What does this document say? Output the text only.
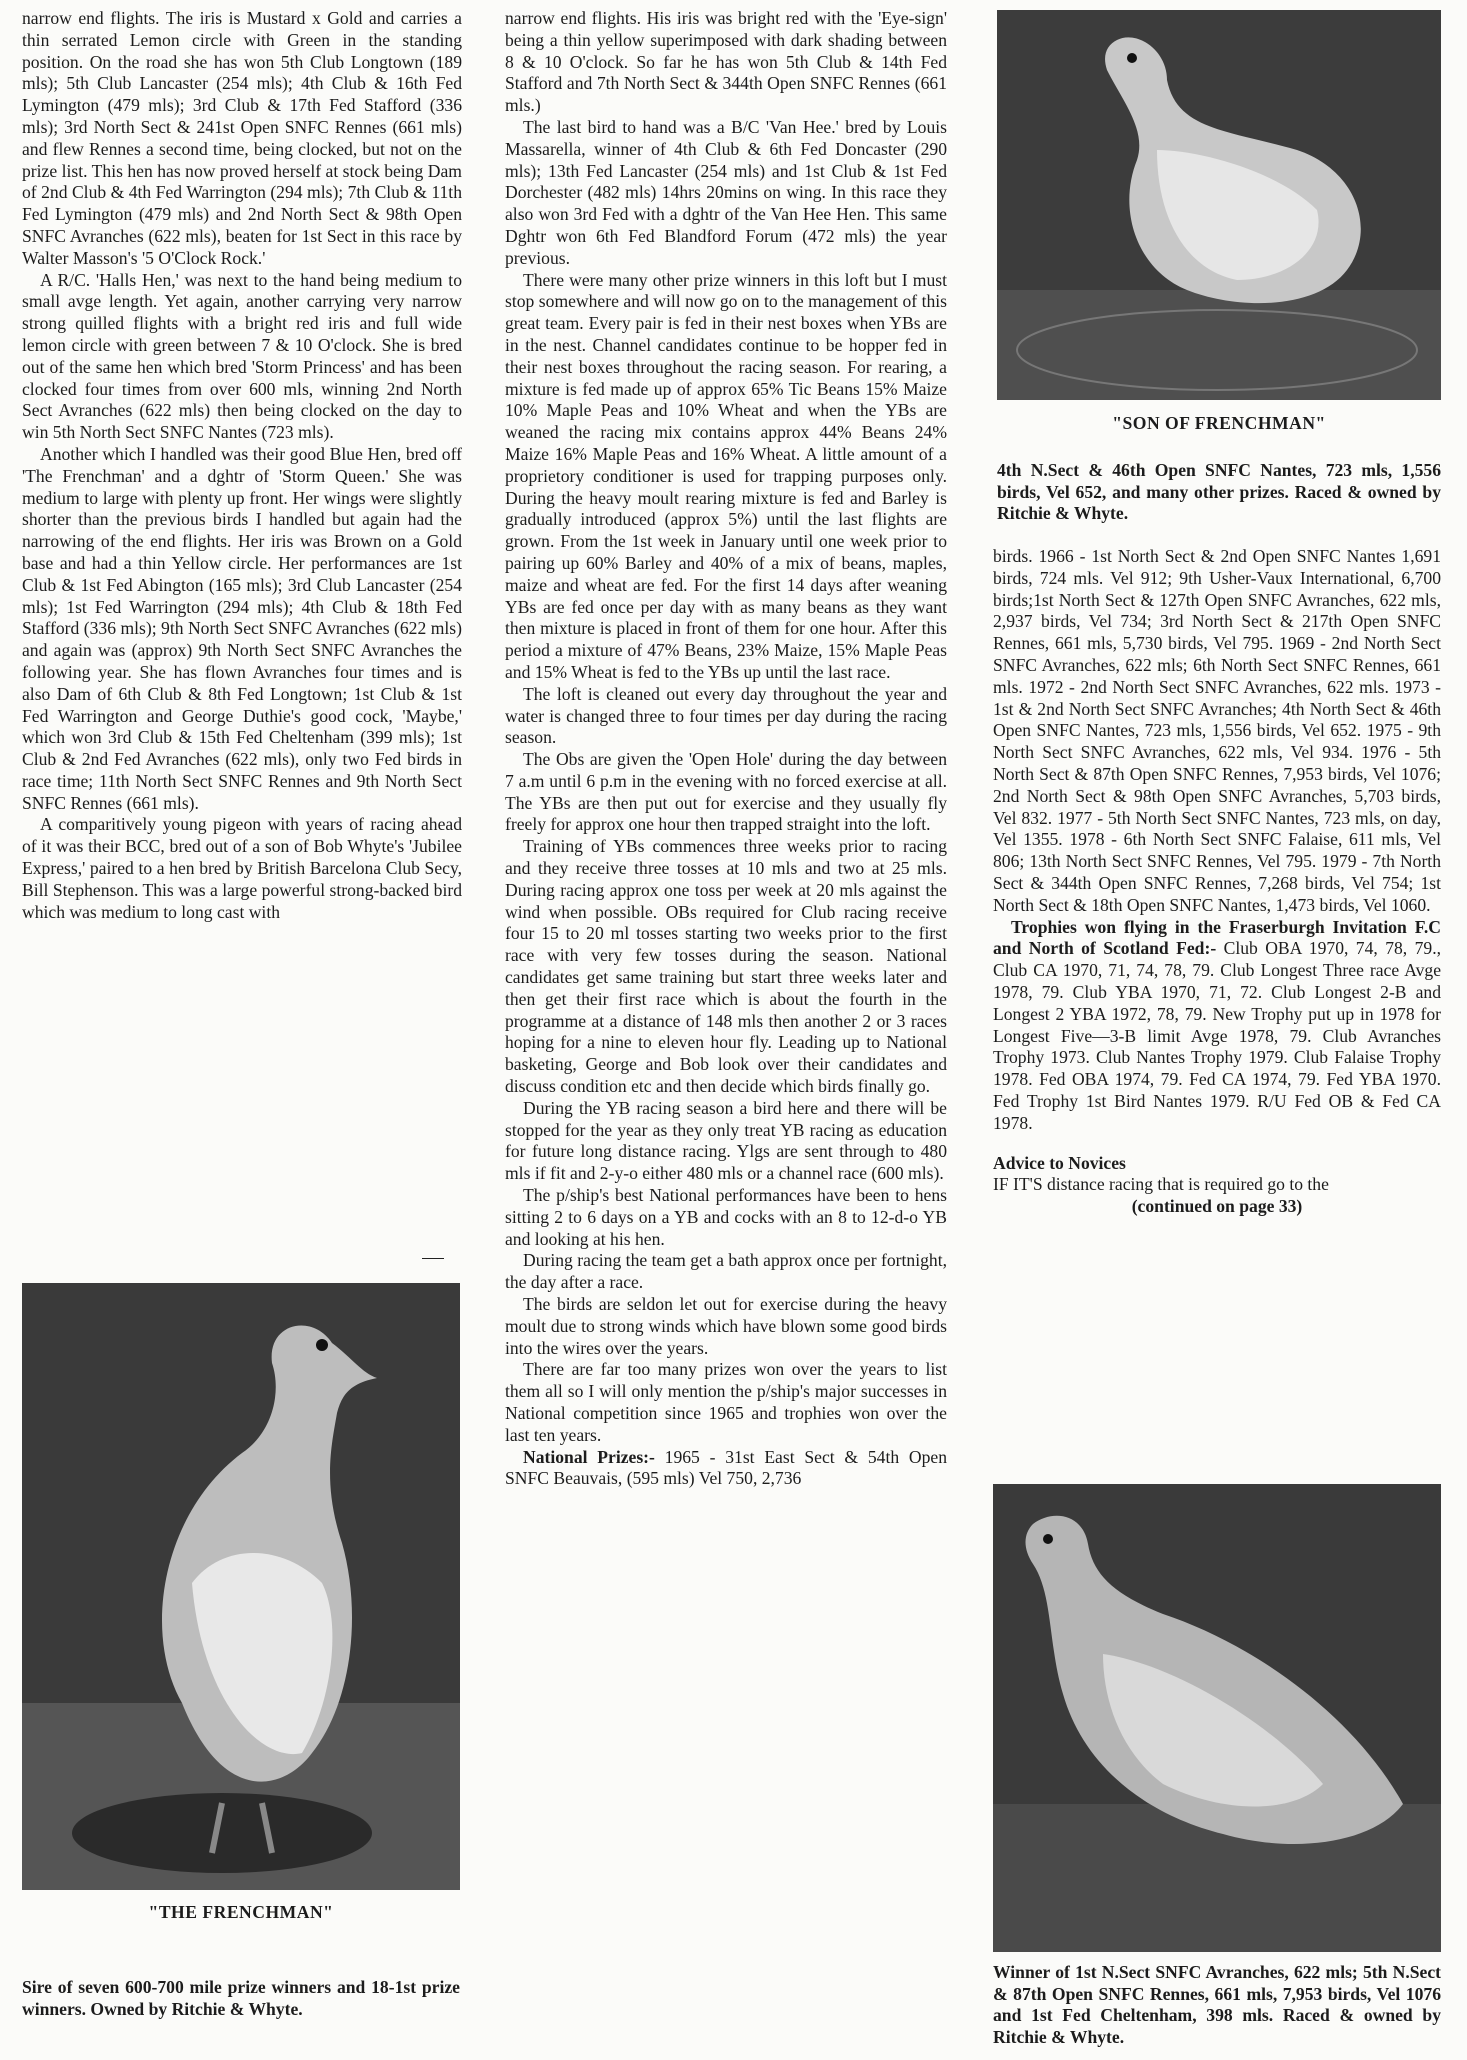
narrow end flights. The iris is Mustard x Gold and carries a thin serrated Lemon circle with Green in the standing position. On the road she has won 5th Club Longtown (189 mls); 5th Club Lancaster (254 mls); 4th Club & 16th Fed Lymington (479 mls); 3rd Club & 17th Fed Stafford (336 mls); 3rd North Sect & 241st Open SNFC Rennes (661 mls) and flew Rennes a second time, being clocked, but not on the prize list. This hen has now proved herself at stock being Dam of 2nd Club & 4th Fed Warrington (294 mls); 7th Club & 11th Fed Lymington (479 mls) and 2nd North Sect & 98th Open SNFC Avranches (622 mls), beaten for 1st Sect in this race by Walter Masson's '5 O'Clock Rock.'

A R/C. 'Halls Hen,' was next to the hand being medium to small avge length. Yet again, another carrying very narrow strong quilled flights with a bright red iris and full wide lemon circle with green between 7 & 10 O'clock. She is bred out of the same hen which bred 'Storm Princess' and has been clocked four times from over 600 mls, winning 2nd North Sect Avranches (622 mls) then being clocked on the day to win 5th North Sect SNFC Nantes (723 mls).

Another which I handled was their good Blue Hen, bred off 'The Frenchman' and a dghtr of 'Storm Queen.' She was medium to large with plenty up front. Her wings were slightly shorter than the previous birds I handled but again had the narrowing of the end flights. Her iris was Brown on a Gold base and had a thin Yellow circle. Her performances are 1st Club & 1st Fed Abington (165 mls); 3rd Club Lancaster (254 mls); 1st Fed Warrington (294 mls); 4th Club & 18th Fed Stafford (336 mls); 9th North Sect SNFC Avranches (622 mls) and again was (approx) 9th North Sect SNFC Avranches the following year. She has flown Avranches four times and is also Dam of 6th Club & 8th Fed Longtown; 1st Club & 1st Fed Warrington and George Duthie's good cock, 'Maybe,' which won 3rd Club & 15th Fed Cheltenham (399 mls); 1st Club & 2nd Fed Avranches (622 mls), only two Fed birds in race time; 11th North Sect SNFC Rennes and 9th North Sect SNFC Rennes (661 mls).

A comparitively young pigeon with years of racing ahead of it was their BCC, bred out of a son of Bob Whyte's 'Jubilee Express,' paired to a hen bred by British Barcelona Club Secy, Bill Stephenson. This was a large powerful strong-backed bird which was medium to long cast with

"THE FRENCHMAN"
Sire of seven 600-700 mile prize winners and 18-1st prize winners. Owned by Ritchie & Whyte.

narrow end flights. His iris was bright red with the 'Eye-sign' being a thin yellow superimposed with dark shading between 8 & 10 O'clock. So far he has won 5th Club & 14th Fed Stafford and 7th North Sect & 344th Open SNFC Rennes (661 mls.)

The last bird to hand was a B/C 'Van Hee.' bred by Louis Massarella, winner of 4th Club & 6th Fed Doncaster (290 mls); 13th Fed Lancaster (254 mls) and 1st Club & 1st Fed Dorchester (482 mls) 14hrs 20mins on wing. In this race they also won 3rd Fed with a dghtr of the Van Hee Hen. This same Dghtr won 6th Fed Blandford Forum (472 mls) the year previous.

There were many other prize winners in this loft but I must stop somewhere and will now go on to the management of this great team. Every pair is fed in their nest boxes when YBs are in the nest. Channel candidates continue to be hopper fed in their nest boxes throughout the racing season. For rearing, a mixture is fed made up of approx 65% Tic Beans 15% Maize 10% Maple Peas and 10% Wheat and when the YBs are weaned the racing mix contains approx 44% Beans 24% Maize 16% Maple Peas and 16% Wheat. A little amount of a proprietory conditioner is used for trapping purposes only. During the heavy moult rearing mixture is fed and Barley is gradually introduced (approx 5%) until the last flights are grown. From the 1st week in January until one week prior to pairing up 60% Barley and 40% of a mix of beans, maples, maize and wheat are fed. For the first 14 days after weaning YBs are fed once per day with as many beans as they want then mixture is placed in front of them for one hour. After this period a mixture of 47% Beans, 23% Maize, 15% Maple Peas and 15% Wheat is fed to the YBs up until the last race.

The loft is cleaned out every day throughout the year and water is changed three to four times per day during the racing season.

The Obs are given the 'Open Hole' during the day between 7 a.m until 6 p.m in the evening with no forced exercise at all. The YBs are then put out for exercise and they usually fly freely for approx one hour then trapped straight into the loft.

Training of YBs commences three weeks prior to racing and they receive three tosses at 10 mls and two at 25 mls. During racing approx one toss per week at 20 mls against the wind when possible. OBs required for Club racing receive four 15 to 20 ml tosses starting two weeks prior to the first race with very few tosses during the season. National candidates get same training but start three weeks later and then get their first race which is about the fourth in the programme at a distance of 148 mls then another 2 or 3 races hoping for a nine to eleven hour fly. Leading up to National basketing, George and Bob look over their candidates and discuss condition etc and then decide which birds finally go.

During the YB racing season a bird here and there will be stopped for the year as they only treat YB racing as education for future long distance racing. Ylgs are sent through to 480 mls if fit and 2-y-o either 480 mls or a channel race (600 mls).

The p/ship's best National performances have been to hens sitting 2 to 6 days on a YB and cocks with an 8 to 12-d-o YB and looking at his hen.

During racing the team get a bath approx once per fortnight, the day after a race.

The birds are seldon let out for exercise during the heavy moult due to strong winds which have blown some good birds into the wires over the years.

There are far too many prizes won over the years to list them all so I will only mention the p/ship's major successes in National competition since 1965 and trophies won over the last ten years.

National Prizes:- 1965 - 31st East Sect & 54th Open SNFC Beauvais, (595 mls) Vel 750, 2,736

"SON OF FRENCHMAN"
4th N.Sect & 46th Open SNFC Nantes, 723 mls, 1,556 birds, Vel 652, and many other prizes. Raced & owned by Ritchie & Whyte.

birds. 1966 - 1st North Sect & 2nd Open SNFC Nantes 1,691 birds, 724 mls. Vel 912; 9th Usher-Vaux International, 6,700 birds;1st North Sect & 127th Open SNFC Avranches, 622 mls, 2,937 birds, Vel 734; 3rd North Sect & 217th Open SNFC Rennes, 661 mls, 5,730 birds, Vel 795. 1969 - 2nd North Sect SNFC Avranches, 622 mls; 6th North Sect SNFC Rennes, 661 mls. 1972 - 2nd North Sect SNFC Avranches, 622 mls. 1973 - 1st & 2nd North Sect SNFC Avranches; 4th North Sect & 46th Open SNFC Nantes, 723 mls, 1,556 birds, Vel 652. 1975 - 9th North Sect SNFC Avranches, 622 mls, Vel 934. 1976 - 5th North Sect & 87th Open SNFC Rennes, 7,953 birds, Vel 1076; 2nd North Sect & 98th Open SNFC Avranches, 5,703 birds, Vel 832. 1977 - 5th North Sect SNFC Nantes, 723 mls, on day, Vel 1355. 1978 - 6th North Sect SNFC Falaise, 611 mls, Vel 806; 13th North Sect SNFC Rennes, Vel 795. 1979 - 7th North Sect & 344th Open SNFC Rennes, 7,268 birds, Vel 754; 1st North Sect & 18th Open SNFC Nantes, 1,473 birds, Vel 1060.

Trophies won flying in the Fraserburgh Invitation F.C and North of Scotland Fed:- Club OBA 1970, 74, 78, 79., Club CA 1970, 71, 74, 78, 79. Club Longest Three race Avge 1978, 79. Club YBA 1970, 71, 72. Club Longest 2-B and Longest 2 YBA 1972, 78, 79. New Trophy put up in 1978 for Longest Five—3-B limit Avge 1978, 79. Club Avranches Trophy 1973. Club Nantes Trophy 1979. Club Falaise Trophy 1978. Fed OBA 1974, 79. Fed CA 1974, 79. Fed YBA 1970. Fed Trophy 1st Bird Nantes 1979. R/U Fed OB & Fed CA 1978.

Advice to Novices

IF IT'S distance racing that is required go to the

(continued on page 33)

Winner of 1st N.Sect SNFC Avranches, 622 mls; 5th N.Sect & 87th Open SNFC Rennes, 661 mls, 7,953 birds, Vel 1076 and 1st Fed Cheltenham, 398 mls. Raced & owned by Ritchie & Whyte.
